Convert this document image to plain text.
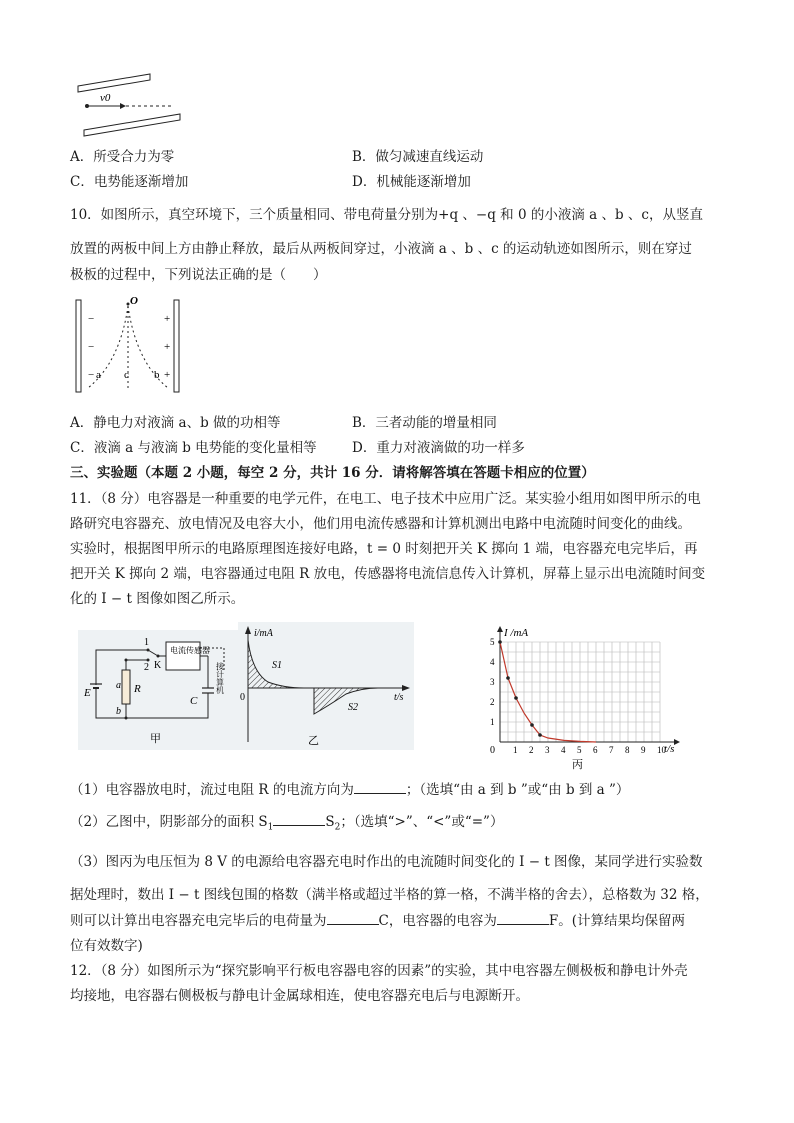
v0
A．所受合力为零	B．做匀减速直线运动
C．电势能逐渐增加	D．机械能逐渐增加
10．如图所示，真空环境下，三个质量相同、带电荷量分别为+q 、−q 和 0 的小液滴 a 、b 、c，从竖直
放置的两板中间上方由静止释放，最后从两板间穿过，小液滴 a 、b 、c 的运动轨迹如图所示，则在穿过
极板的过程中，下列说法正确的是（　　）
O
−
−
−
+
+
+
a c b
A．静电力对液滴 a、b 做的功相等	B．三者动能的增量相同
C．液滴 a 与液滴 b 电势能的变化量相等	D．重力对液滴做的功一样多
三、实验题（本题 2 小题，每空 2 分，共计 16 分．请将解答填在答题卡相应的位置）
11．（8 分）电容器是一种重要的电学元件，在电工、电子技术中应用广泛。某实验小组用如图甲所示的电
路研究电容器充、放电情况及电容大小，他们用电流传感器和计算机测出电路中电流随时间变化的曲线。
实验时，根据图甲所示的电路原理图连接好电路，t = 0 时刻把开关 K 掷向 1 端，电容器充电完毕后，再
把开关 K 掷向 2 端，电容器通过电阻 R 放电，传感器将电流信息传入计算机，屏幕上显示出电流随时间变
化的 I − t 图像如图乙所示。
E	R
a
b
1
2 K
电流传感器
C
接计算机
甲
i/mA
t/s
0
S1
S2
乙
1 2 3 4 5 6 7 8 9 10
1
2
3
4
5
I /mA
t/s
0
丙
（1）电容器放电时，流过电阻 R 的电流方向为	；（选填“由 a 到 b ”或“由 b 到 a ”）
（2）乙图中，阴影部分的面积 $S_1$	$S_2$；（选填“>”、“<”或“=”）
（3）图丙为电压恒为 8 V 的电源给电容器充电时作出的电流随时间变化的 I − t 图像，某同学进行实验数
据处理时，数出 I − t 图线包围的格数（满半格或超过半格的算一格，不满半格的舍去），总格数为 32 格，
则可以计算出电容器充电完毕后的电荷量为	C，电容器的电容为	F。(计算结果均保留两
位有效数字)
12．（8 分）如图所示为“探究影响平行板电容器电容的因素”的实验，其中电容器左侧极板和静电计外壳
均接地，电容器右侧极板与静电计金属球相连，使电容器充电后与电源断开。
